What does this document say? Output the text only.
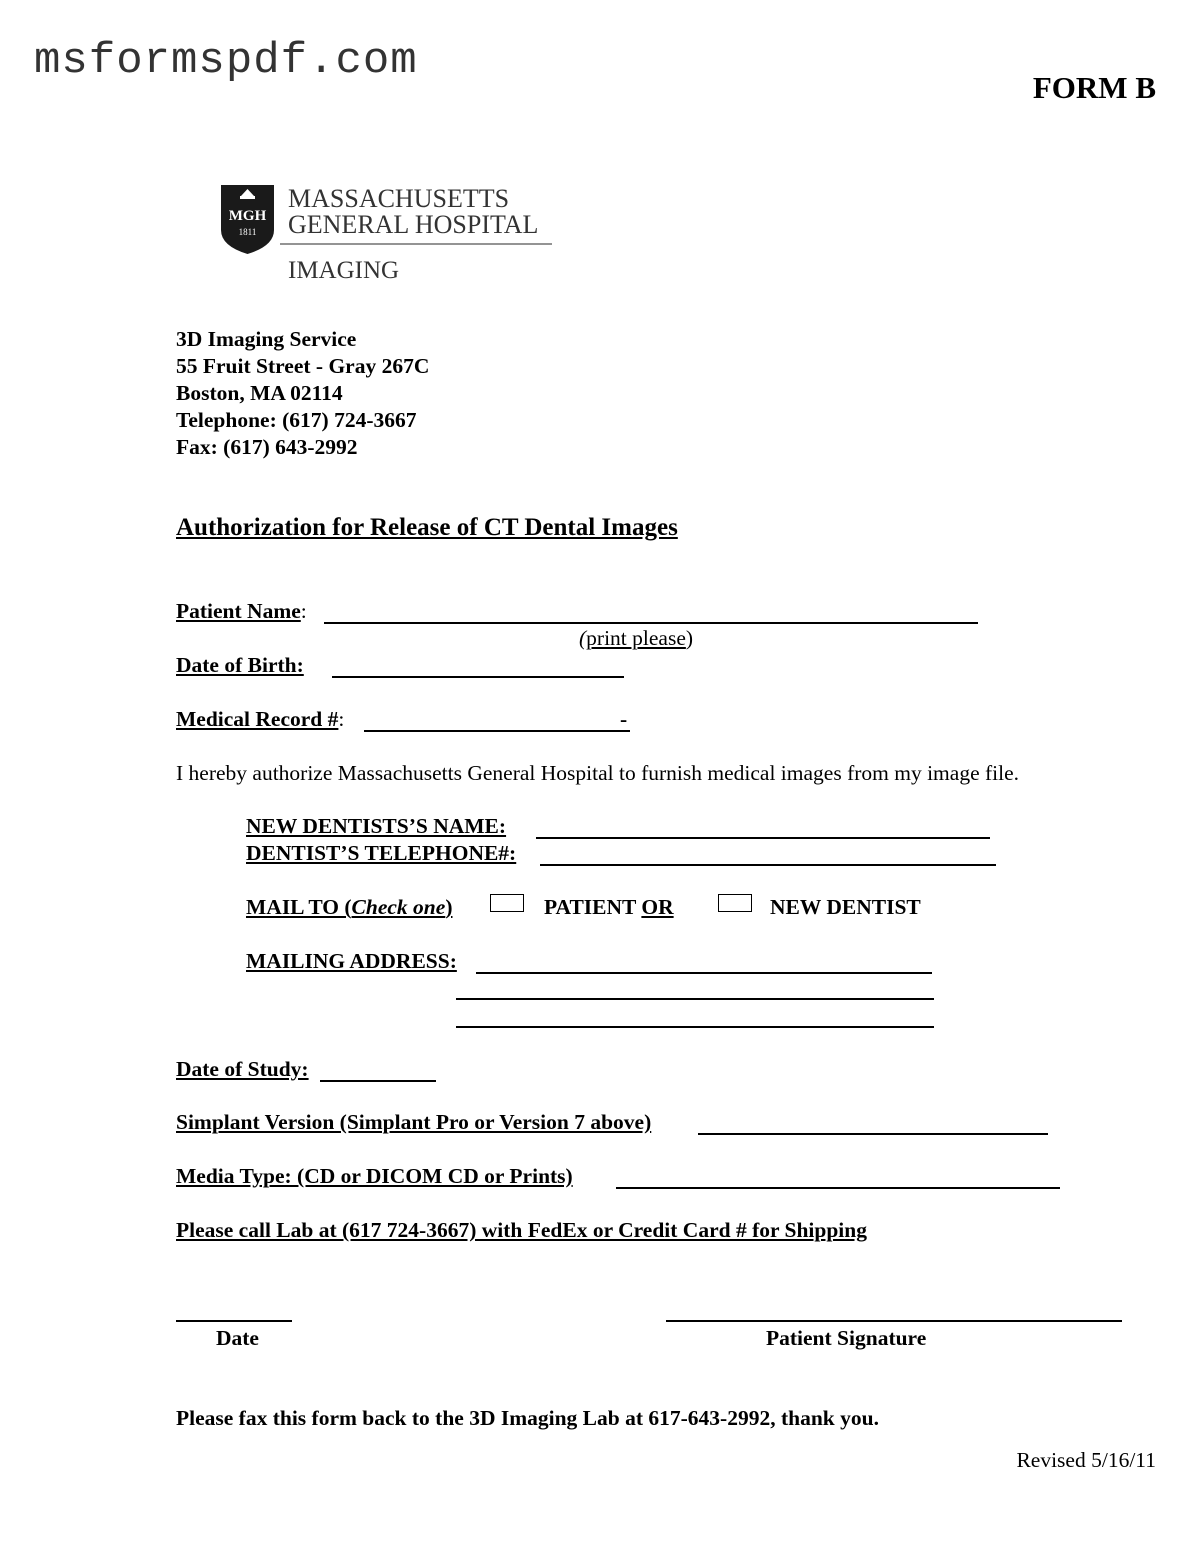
msformspdf.com
FORM B
MGH
1811
MASSACHUSETTS
GENERAL HOSPITAL
IMAGING
3D Imaging Service
55 Fruit Street - Gray 267C
Boston, MA 02114
Telephone: (617) 724-3667
Fax: (617) 643-2992
Authorization for Release of CT Dental Images
Patient Name:
(print please)
Date of Birth:
Medical Record #:	-
I hereby authorize Massachusetts General Hospital to furnish medical images from my image file.
NEW DENTISTS’S NAME:
DENTIST’S TELEPHONE#:
MAIL TO (Check one)	PATIENT OR	NEW DENTIST
MAILING ADDRESS:
Date of Study:
Simplant Version (Simplant Pro or Version 7 above)
Media Type: (CD or DICOM CD or Prints)
Please call Lab at (617 724-3667) with FedEx or Credit Card # for Shipping
Date	Patient Signature
Please fax this form back to the 3D Imaging Lab at 617-643-2992, thank you.
Revised 5/16/11
